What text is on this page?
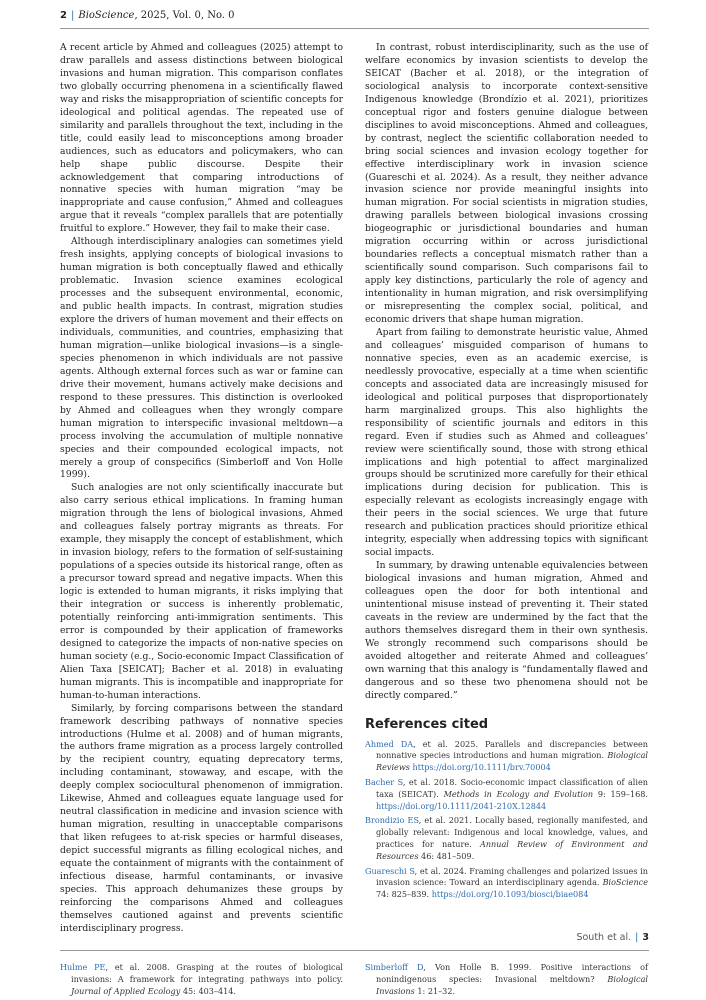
2 | BioScience, 2025, Vol. 0, No. 0

A recent article by Ahmed and colleagues (2025) attempt to draw parallels and assess distinctions between biological invasions and human migration. This comparison conflates two globally occurring phenomena in a scientifically flawed way and risks the misappropriation of scientific concepts for ideological and political agendas. The repeated use of similarity and parallels throughout the text, including in the title, could easily lead to misconceptions among broader audiences, such as educators and policymakers, who can help shape public discourse. Despite their acknowledgement that comparing introductions of nonnative species with human migration “may be inappropriate and cause confusion,” Ahmed and colleagues argue that it reveals “complex parallels that are potentially fruitful to explore.” However, they fail to make their case.

Although interdisciplinary analogies can sometimes yield fresh insights, applying concepts of biological invasions to human migration is both conceptually flawed and ethically problematic. Invasion science examines ecological processes and the subsequent environmental, economic, and public health impacts. In contrast, migration studies explore the drivers of human movement and their effects on individuals, communities, and countries, emphasizing that human migration—unlike biological invasions—is a single-species phenomenon in which individuals are not passive agents. Although external forces such as war or famine can drive their movement, humans actively make decisions and respond to these pressures. This distinction is overlooked by Ahmed and colleagues when they wrongly compare human migration to interspecific invasional meltdown—a process involving the accumulation of multiple nonnative species and their compounded ecological impacts, not merely a group of conspecifics (Simberloff and Von Holle 1999).

Such analogies are not only scientifically inaccurate but also carry serious ethical implications. In framing human migration through the lens of biological invasions, Ahmed and colleagues falsely portray migrants as threats. For example, they misapply the concept of establishment, which in invasion biology, refers to the formation of self-sustaining populations of a species outside its historical range, often as a precursor toward spread and negative impacts. When this logic is extended to human migrants, it risks implying that their integration or success is inherently problematic, potentially reinforcing anti-immigration sentiments. This error is compounded by their application of frameworks designed to categorize the impacts of non-native species on human society (e.g., Socio-economic Impact Classification of Alien Taxa [SEICAT]; Bacher et al. 2018) in evaluating human migrants. This is incompatible and inappropriate for human-to-human interactions.

Similarly, by forcing comparisons between the standard framework describing pathways of nonnative species introductions (Hulme et al. 2008) and of human migrants, the authors frame migration as a process largely controlled by the recipient country, equating deprecatory terms, including contaminant, stowaway, and escape, with the deeply complex sociocultural phenomenon of immigration. Likewise, Ahmed and colleagues equate language used for neutral classification in medicine and invasion science with human migration, resulting in unacceptable comparisons that liken refugees to at-risk species or harmful diseases, depict successful migrants as filling ecological niches, and equate the containment of migrants with the containment of infectious disease, harmful contaminants, or invasive species. This approach dehumanizes these groups by reinforcing the comparisons Ahmed and colleagues themselves cautioned against and prevents scientific interdisciplinary progress.

In contrast, robust interdisciplinarity, such as the use of welfare economics by invasion scientists to develop the SEICAT (Bacher et al. 2018), or the integration of sociological analysis to incorporate context-sensitive Indigenous knowledge (Brondízio et al. 2021), prioritizes conceptual rigor and fosters genuine dialogue between disciplines to avoid misconceptions. Ahmed and colleagues, by contrast, neglect the scientific collaboration needed to bring social sciences and invasion ecology together for effective interdisciplinary work in invasion science (Guareschi et al. 2024). As a result, they neither advance invasion science nor provide meaningful insights into human migration. For social scientists in migration studies, drawing parallels between biological invasions crossing biogeographic or jurisdictional boundaries and human migration occurring within or across jurisdictional boundaries reflects a conceptual mismatch rather than a scientifically sound comparison. Such comparisons fail to apply key distinctions, particularly the role of agency and intentionality in human migration, and risk oversimplifying or misrepresenting the complex social, political, and economic drivers that shape human migration.

Apart from failing to demonstrate heuristic value, Ahmed and colleagues’ misguided comparison of humans to nonnative species, even as an academic exercise, is needlessly provocative, especially at a time when scientific concepts and associated data are increasingly misused for ideological and political purposes that disproportionately harm marginalized groups. This also highlights the responsibility of scientific journals and editors in this regard. Even if studies such as Ahmed and colleagues’ review were scientifically sound, those with strong ethical implications and high potential to affect marginalized groups should be scrutinized more carefully for their ethical implications during decision for publication. This is especially relevant as ecologists increasingly engage with their peers in the social sciences. We urge that future research and publication practices should prioritize ethical integrity, especially when addressing topics with significant social impacts.

In summary, by drawing untenable equivalencies between biological invasions and human migration, Ahmed and colleagues open the door for both intentional and unintentional misuse instead of preventing it. Their stated caveats in the review are undermined by the fact that the authors themselves disregard them in their own synthesis. We strongly recommend such comparisons should be avoided altogether and reiterate Ahmed and colleagues’ own warning that this analogy is “fundamentally flawed and dangerous and so these two phenomena should not be directly compared.”

References cited
Ahmed DA, et al. 2025. Parallels and discrepancies between nonnative species introductions and human migration. Biological Reviews https://doi.org/10.1111/brv.70004
Bacher S, et al. 2018. Socio-economic impact classification of alien taxa (SEICAT). Methods in Ecology and Evolution 9: 159–168. https://doi.org/10.1111/2041-210X.12844
Brondizio ES, et al. 2021. Locally based, regionally manifested, and globally relevant: Indigenous and local knowledge, values, and practices for nature. Annual Review of Environment and Resources 46: 481–509.
Guareschi S, et al. 2024. Framing challenges and polarized issues in invasion science: Toward an interdisciplinary agenda. BioScience 74: 825–839. https://doi.org/10.1093/biosci/biae084
South et al. | 3
Hulme PE, et al. 2008. Grasping at the routes of biological invasions: A framework for integrating pathways into policy. Journal of Applied Ecology 45: 403–414.
Simberloff D, Von Holle B. 1999. Positive interactions of nonindigenous species: Invasional meltdown? Biological Invasions 1: 21–32.
